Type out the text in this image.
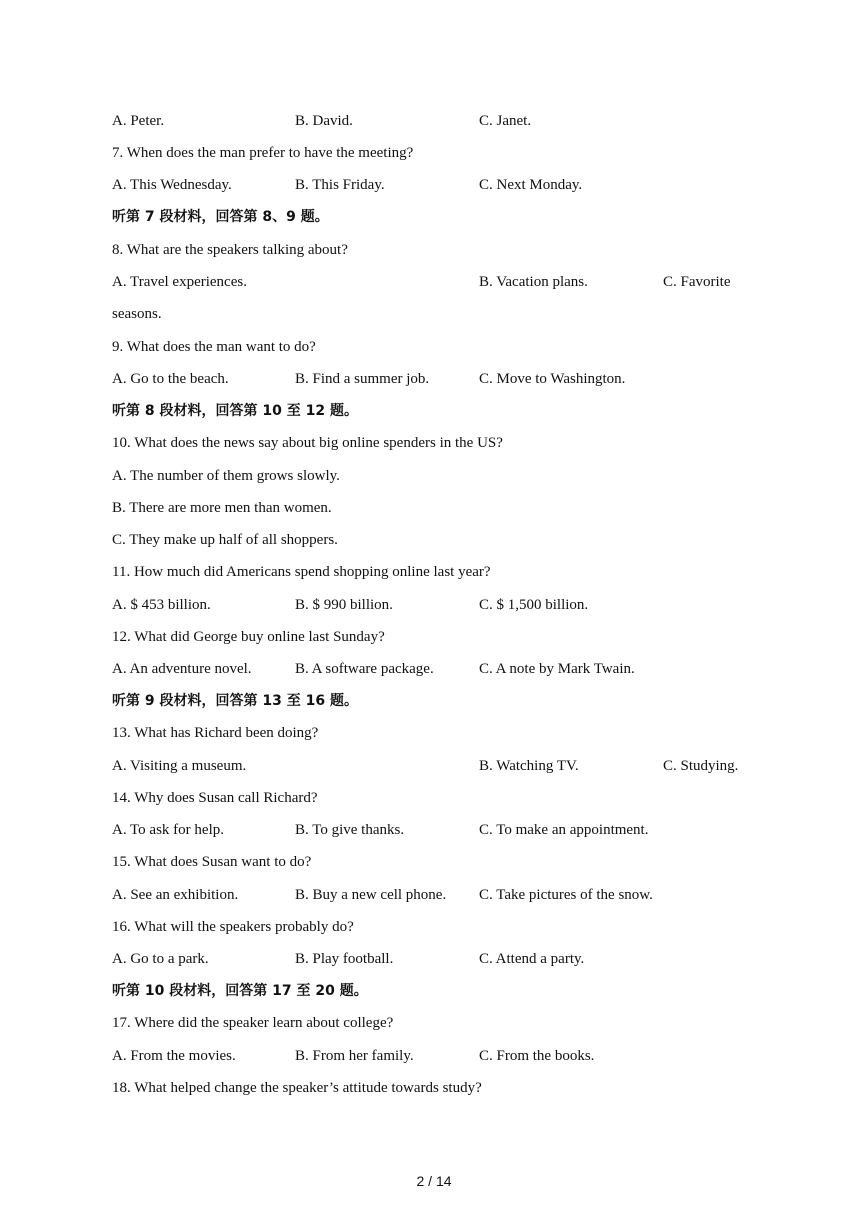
A. Peter.	B. David.	C. Janet.
7. When does the man prefer to have the meeting?
A. This Wednesday.	B. This Friday.	C. Next Monday.
听第 7 段材料，回答第 8、9 题。
8. What are the speakers talking about?
A. Travel experiences.	B. Vacation plans.	C. Favorite
seasons.
9. What does the man want to do?
A. Go to the beach.	B. Find a summer job.	C. Move to Washington.
听第 8 段材料，回答第 10 至 12 题。
10. What does the news say about big online spenders in the US?
A. The number of them grows slowly.
B. There are more men than women.
C. They make up half of all shoppers.
11. How much did Americans spend shopping online last year?
A. $ 453 billion.	B. $ 990 billion.	C. $ 1,500 billion.
12. What did George buy online last Sunday?
A. An adventure novel.	B. A software package.	C. A note by Mark Twain.
听第 9 段材料，回答第 13 至 16 题。
13. What has Richard been doing?
A. Visiting a museum.	B. Watching TV.	C. Studying.
14. Why does Susan call Richard?
A. To ask for help.	B. To give thanks.	C. To make an appointment.
15. What does Susan want to do?
A. See an exhibition.	B. Buy a new cell phone. C. Take pictures of the snow.
16. What will the speakers probably do?
A. Go to a park.	B. Play football.	C. Attend a party.
听第 10 段材料，回答第 17 至 20 题。
17. Where did the speaker learn about college?
A. From the movies.	B. From her family.	C. From the books.
18. What helped change the speaker’s attitude towards study?
2 / 14
